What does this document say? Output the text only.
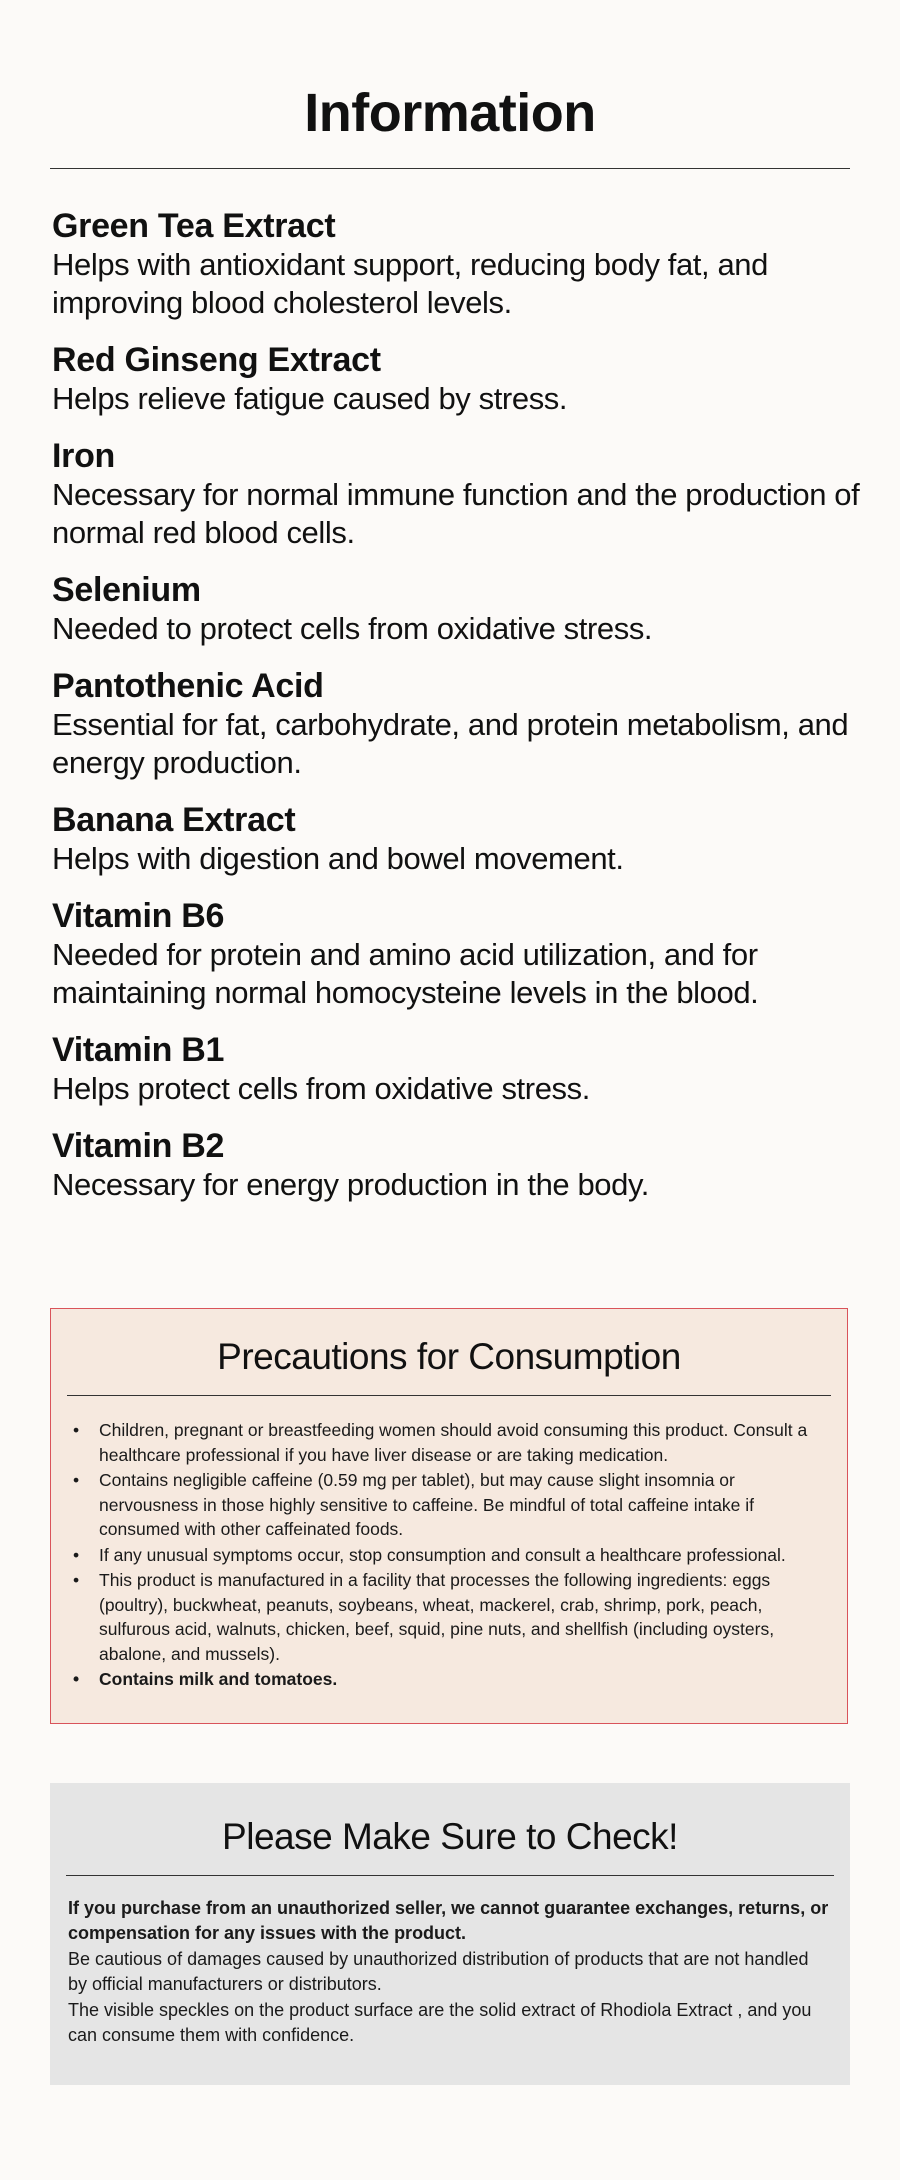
Information
Green Tea Extract

Helps with antioxidant support, reducing body fat, and improving blood cholesterol levels.

Red Ginseng Extract

Helps relieve fatigue caused by stress.

Iron

Necessary for normal immune function and the production of normal red blood cells.

Selenium

Needed to protect cells from oxidative stress.

Pantothenic Acid

Essential for fat, carbohydrate, and protein metabolism, and energy production.

Banana Extract

Helps with digestion and bowel movement.

Vitamin B6

Needed for protein and amino acid utilization, and for maintaining normal homocysteine levels in the blood.

Vitamin B1

Helps protect cells from oxidative stress.

Vitamin B2

Necessary for energy production in the body.

Precautions for Consumption
• Children, pregnant or breastfeeding women should avoid consuming this product. Consult a healthcare professional if you have liver disease or are taking medication.
• Contains negligible caffeine (0.59 mg per tablet), but may cause slight insomnia or nervousness in those highly sensitive to caffeine. Be mindful of total caffeine intake if consumed with other caffeinated foods.
• If any unusual symptoms occur, stop consumption and consult a healthcare professional.
• This product is manufactured in a facility that processes the following ingredients: eggs (poultry), buckwheat, peanuts, soybeans, wheat, mackerel, crab, shrimp, pork, peach, sulfurous acid, walnuts, chicken, beef, squid, pine nuts, and shellfish (including oysters, abalone, and mussels).
• Contains milk and tomatoes.
Please Make Sure to Check!

If you purchase from an unauthorized seller, we cannot guarantee exchanges, returns, or compensation for any issues with the product.

Be cautious of damages caused by unauthorized distribution of products that are not handled by official manufacturers or distributors.

The visible speckles on the product surface are the solid extract of Rhodiola Extract , and you can consume them with confidence.
